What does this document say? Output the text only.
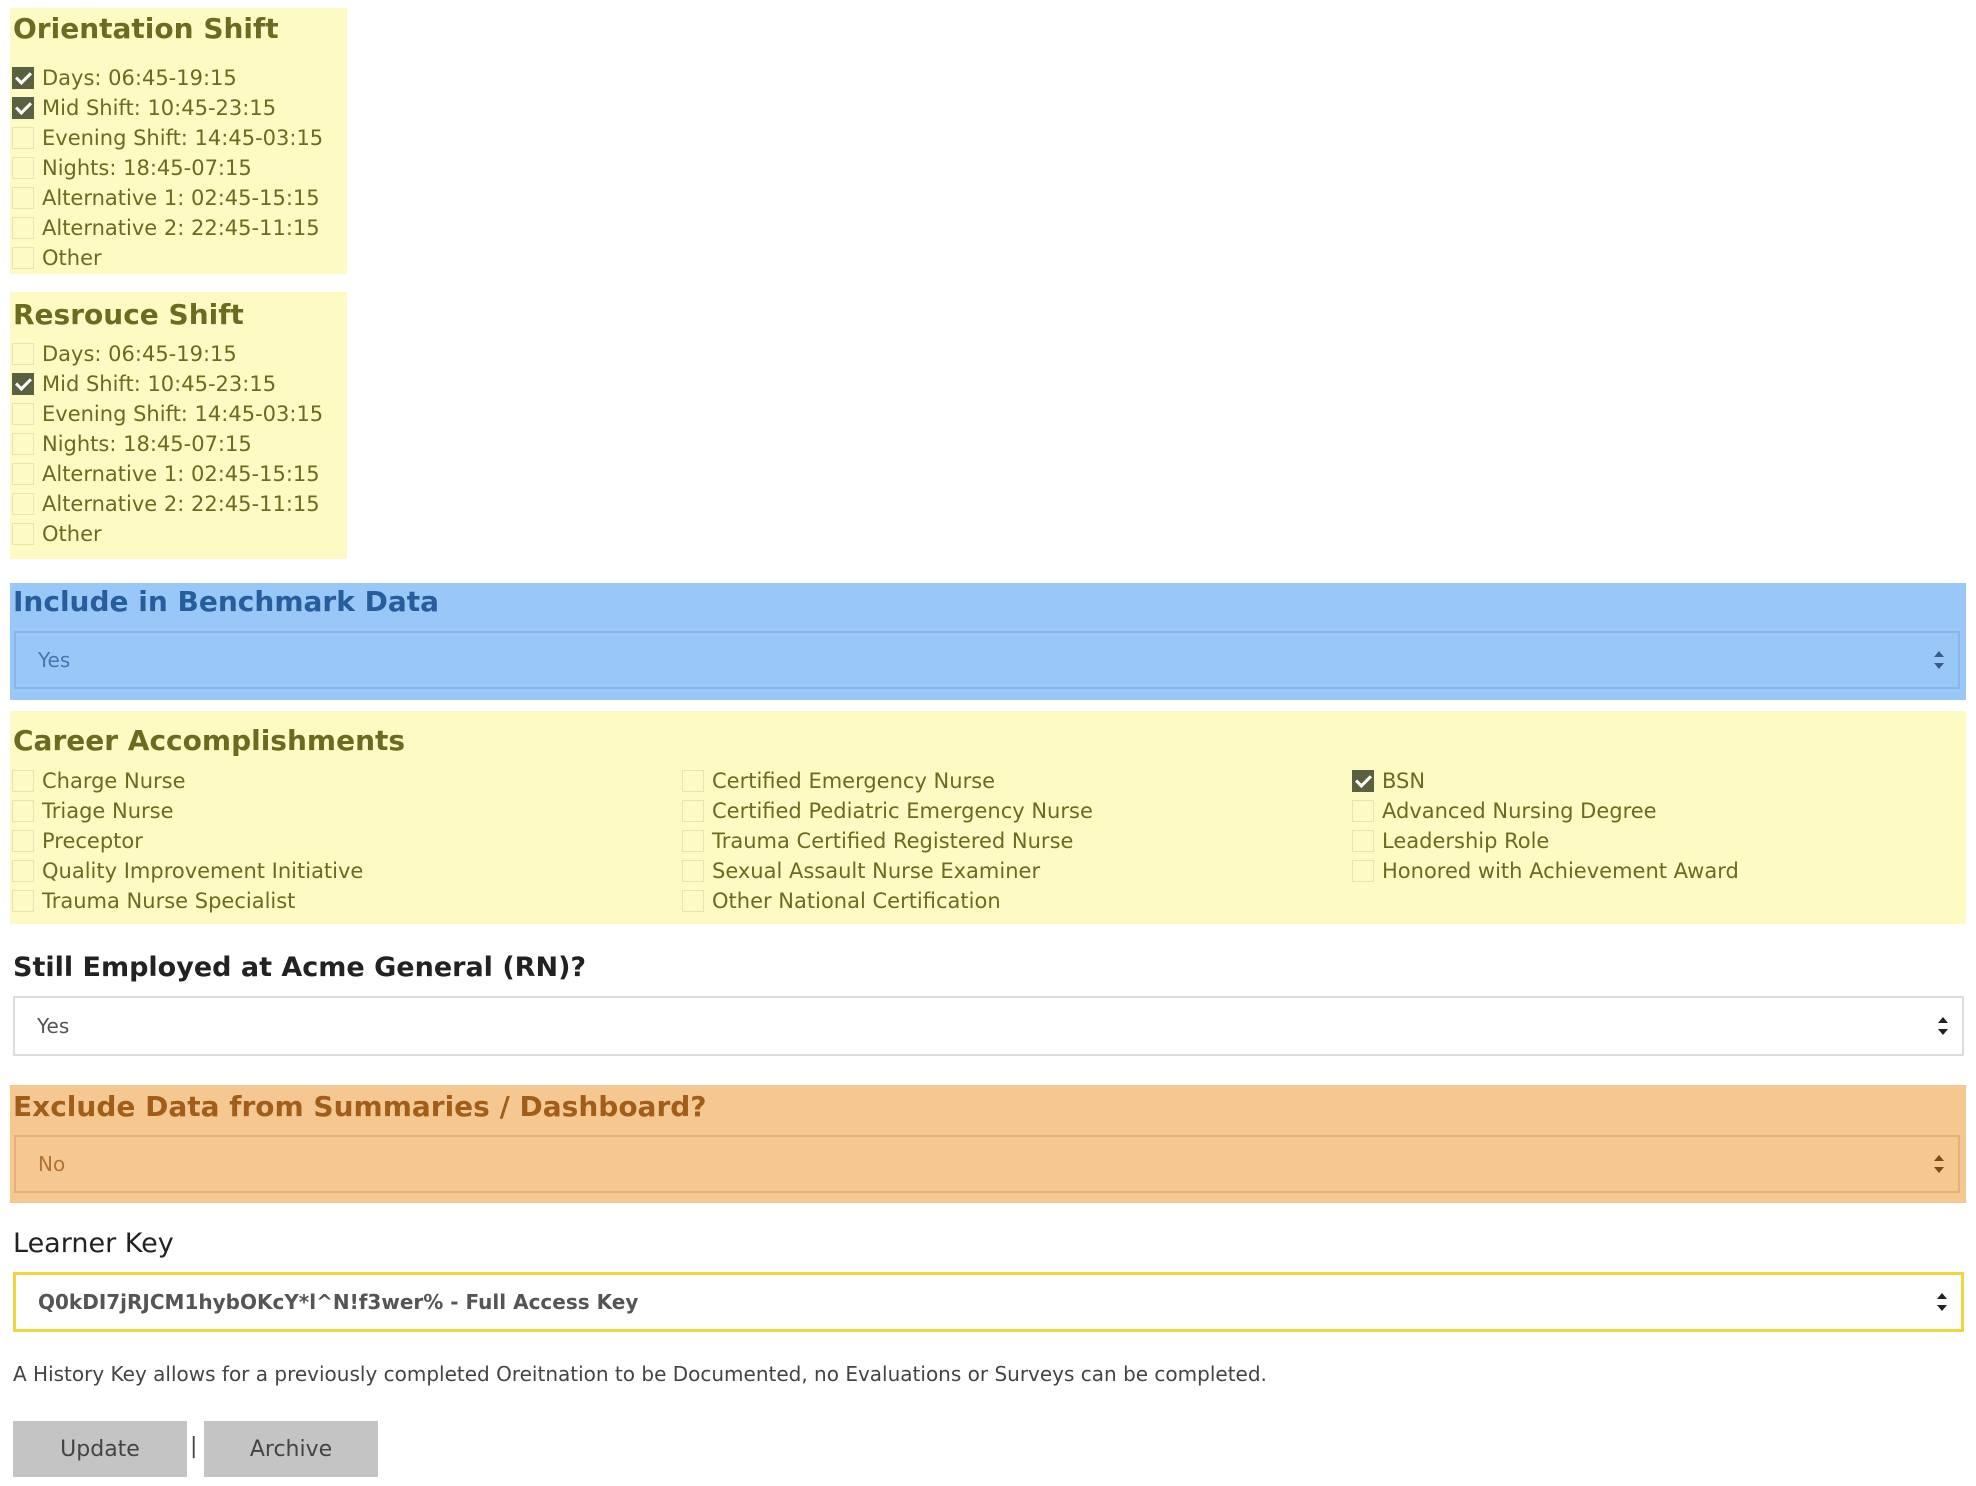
Orientation Shift
Days: 06:45-19:15
Mid Shift: 10:45-23:15
Evening Shift: 14:45-03:15
Nights: 18:45-07:15
Alternative 1: 02:45-15:15
Alternative 2: 22:45-11:15
Other
Resrouce Shift
Days: 06:45-19:15
Mid Shift: 10:45-23:15
Evening Shift: 14:45-03:15
Nights: 18:45-07:15
Alternative 1: 02:45-15:15
Alternative 2: 22:45-11:15
Other
Include in Benchmark Data
Yes
Career Accomplishments
Charge Nurse
Triage Nurse
Preceptor
Quality Improvement Initiative
Trauma Nurse Specialist
Certified Emergency Nurse
Certified Pediatric Emergency Nurse
Trauma Certified Registered Nurse
Sexual Assault Nurse Examiner
Other National Certification
BSN
Advanced Nursing Degree
Leadership Role
Honored with Achievement Award
Still Employed at Acme General (RN)?
Yes
Exclude Data from Summaries / Dashboard?
No
Learner Key
Q0kDI7jRJCM1hybOKcY*l^N!f3wer% - Full Access Key
A History Key allows for a previously completed Oreitnation to be Documented, no Evaluations or Surveys can be completed.
Update	|	Archive
